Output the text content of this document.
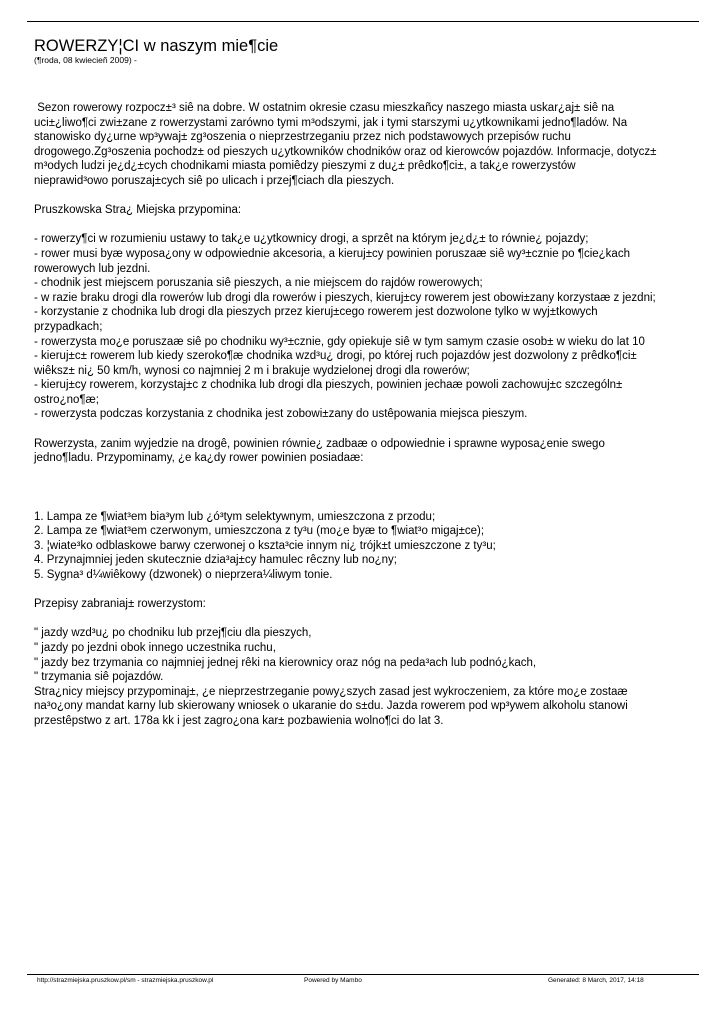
ROWERZY¦CI w naszym mie¶cie
(¶roda, 08 kwiecieñ 2009) -

Sezon rowerowy rozpocz±³ siê na dobre. W ostatnim okresie czasu mieszkañcy naszego miasta uskar¿aj± siê na

uci±¿liwo¶ci zwi±zane z rowerzystami zarówno tymi m³odszymi, jak i tymi starszymi u¿ytkownikami jedno¶ladów. Na

stanowisko dy¿urne wp³ywaj± zg³oszenia o nieprzestrzeganiu przez nich podstawowych przepisów ruchu

drogowego.Zg³oszenia pochodz± od pieszych u¿ytkowników chodników oraz od kierowców pojazdów. Informacje, dotycz±

m³odych ludzi je¿d¿±cych chodnikami miasta pomiêdzy pieszymi z du¿± prêdko¶ci±, a tak¿e rowerzystów

nieprawid³owo poruszaj±cych siê po ulicach i przej¶ciach dla pieszych.

Pruszkowska Stra¿ Miejska przypomina:

- rowerzy¶ci w rozumieniu ustawy to tak¿e u¿ytkownicy drogi, a sprzêt na którym je¿d¿± to równie¿ pojazdy;

- rower musi byæ wyposa¿ony w odpowiednie akcesoria, a kieruj±cy powinien poruszaæ siê wy³±cznie po ¶cie¿kach

rowerowych lub jezdni.

- chodnik jest miejscem poruszania siê pieszych, a nie miejscem do rajdów rowerowych;

- w razie braku drogi dla rowerów lub drogi dla rowerów i pieszych, kieruj±cy rowerem jest obowi±zany korzystaæ z jezdni;

- korzystanie z chodnika lub drogi dla pieszych przez kieruj±cego rowerem jest dozwolone tylko w wyj±tkowych

przypadkach;

- rowerzysta mo¿e poruszaæ siê po chodniku wy³±cznie, gdy opiekuje siê w tym samym czasie osob± w wieku do lat 10

- kieruj±c± rowerem lub kiedy szeroko¶æ chodnika wzd³u¿ drogi, po której ruch pojazdów jest dozwolony z prêdko¶ci±

wiêksz± ni¿ 50 km/h, wynosi co najmniej 2 m i brakuje wydzielonej drogi dla rowerów;

- kieruj±cy rowerem, korzystaj±c z chodnika lub drogi dla pieszych, powinien jechaæ powoli zachowuj±c szczególn±

ostro¿no¶æ;

- rowerzysta podczas korzystania z chodnika jest zobowi±zany do ustêpowania miejsca pieszym.

Rowerzysta, zanim wyjedzie na drogê, powinien równie¿ zadbaæ o odpowiednie i sprawne wyposa¿enie swego

jedno¶ladu. Przypominamy, ¿e ka¿dy rower powinien posiadaæ:

1. Lampa ze ¶wiat³em bia³ym lub ¿ó³tym selektywnym, umieszczona z przodu;

2. Lampa ze ¶wiat³em czerwonym, umieszczona z ty³u (mo¿e byæ to ¶wiat³o migaj±ce);

3. ¦wiate³ko odblaskowe barwy czerwonej o kszta³cie innym ni¿ trójk±t umieszczone z ty³u;

4. Przynajmniej jeden skutecznie dzia³aj±cy hamulec rêczny lub no¿ny;

5. Sygna³ d¼wiêkowy (dzwonek) o nieprzera¼liwym tonie.

Przepisy zabraniaj± rowerzystom:

" jazdy wzd³u¿ po chodniku lub przej¶ciu dla pieszych,

" jazdy po jezdni obok innego uczestnika ruchu,

" jazdy bez trzymania co najmniej jednej rêki na kierownicy oraz nóg na peda³ach lub podnó¿kach,

" trzymania siê pojazdów.

Stra¿nicy miejscy przypominaj±, ¿e nieprzestrzeganie powy¿szych zasad jest wykroczeniem, za które mo¿e zostaæ

na³o¿ony mandat karny lub skierowany wniosek o ukaranie do s±du. Jazda rowerem pod wp³ywem alkoholu stanowi

przestêpstwo z art. 178a kk i jest zagro¿ona kar± pozbawienia wolno¶ci do lat 3.

http://strazmiejska.pruszkow.pl/sm - strazmiejska.pruszkow.pl	Powered by Mambo	Generated: 8 March, 2017, 14:18
